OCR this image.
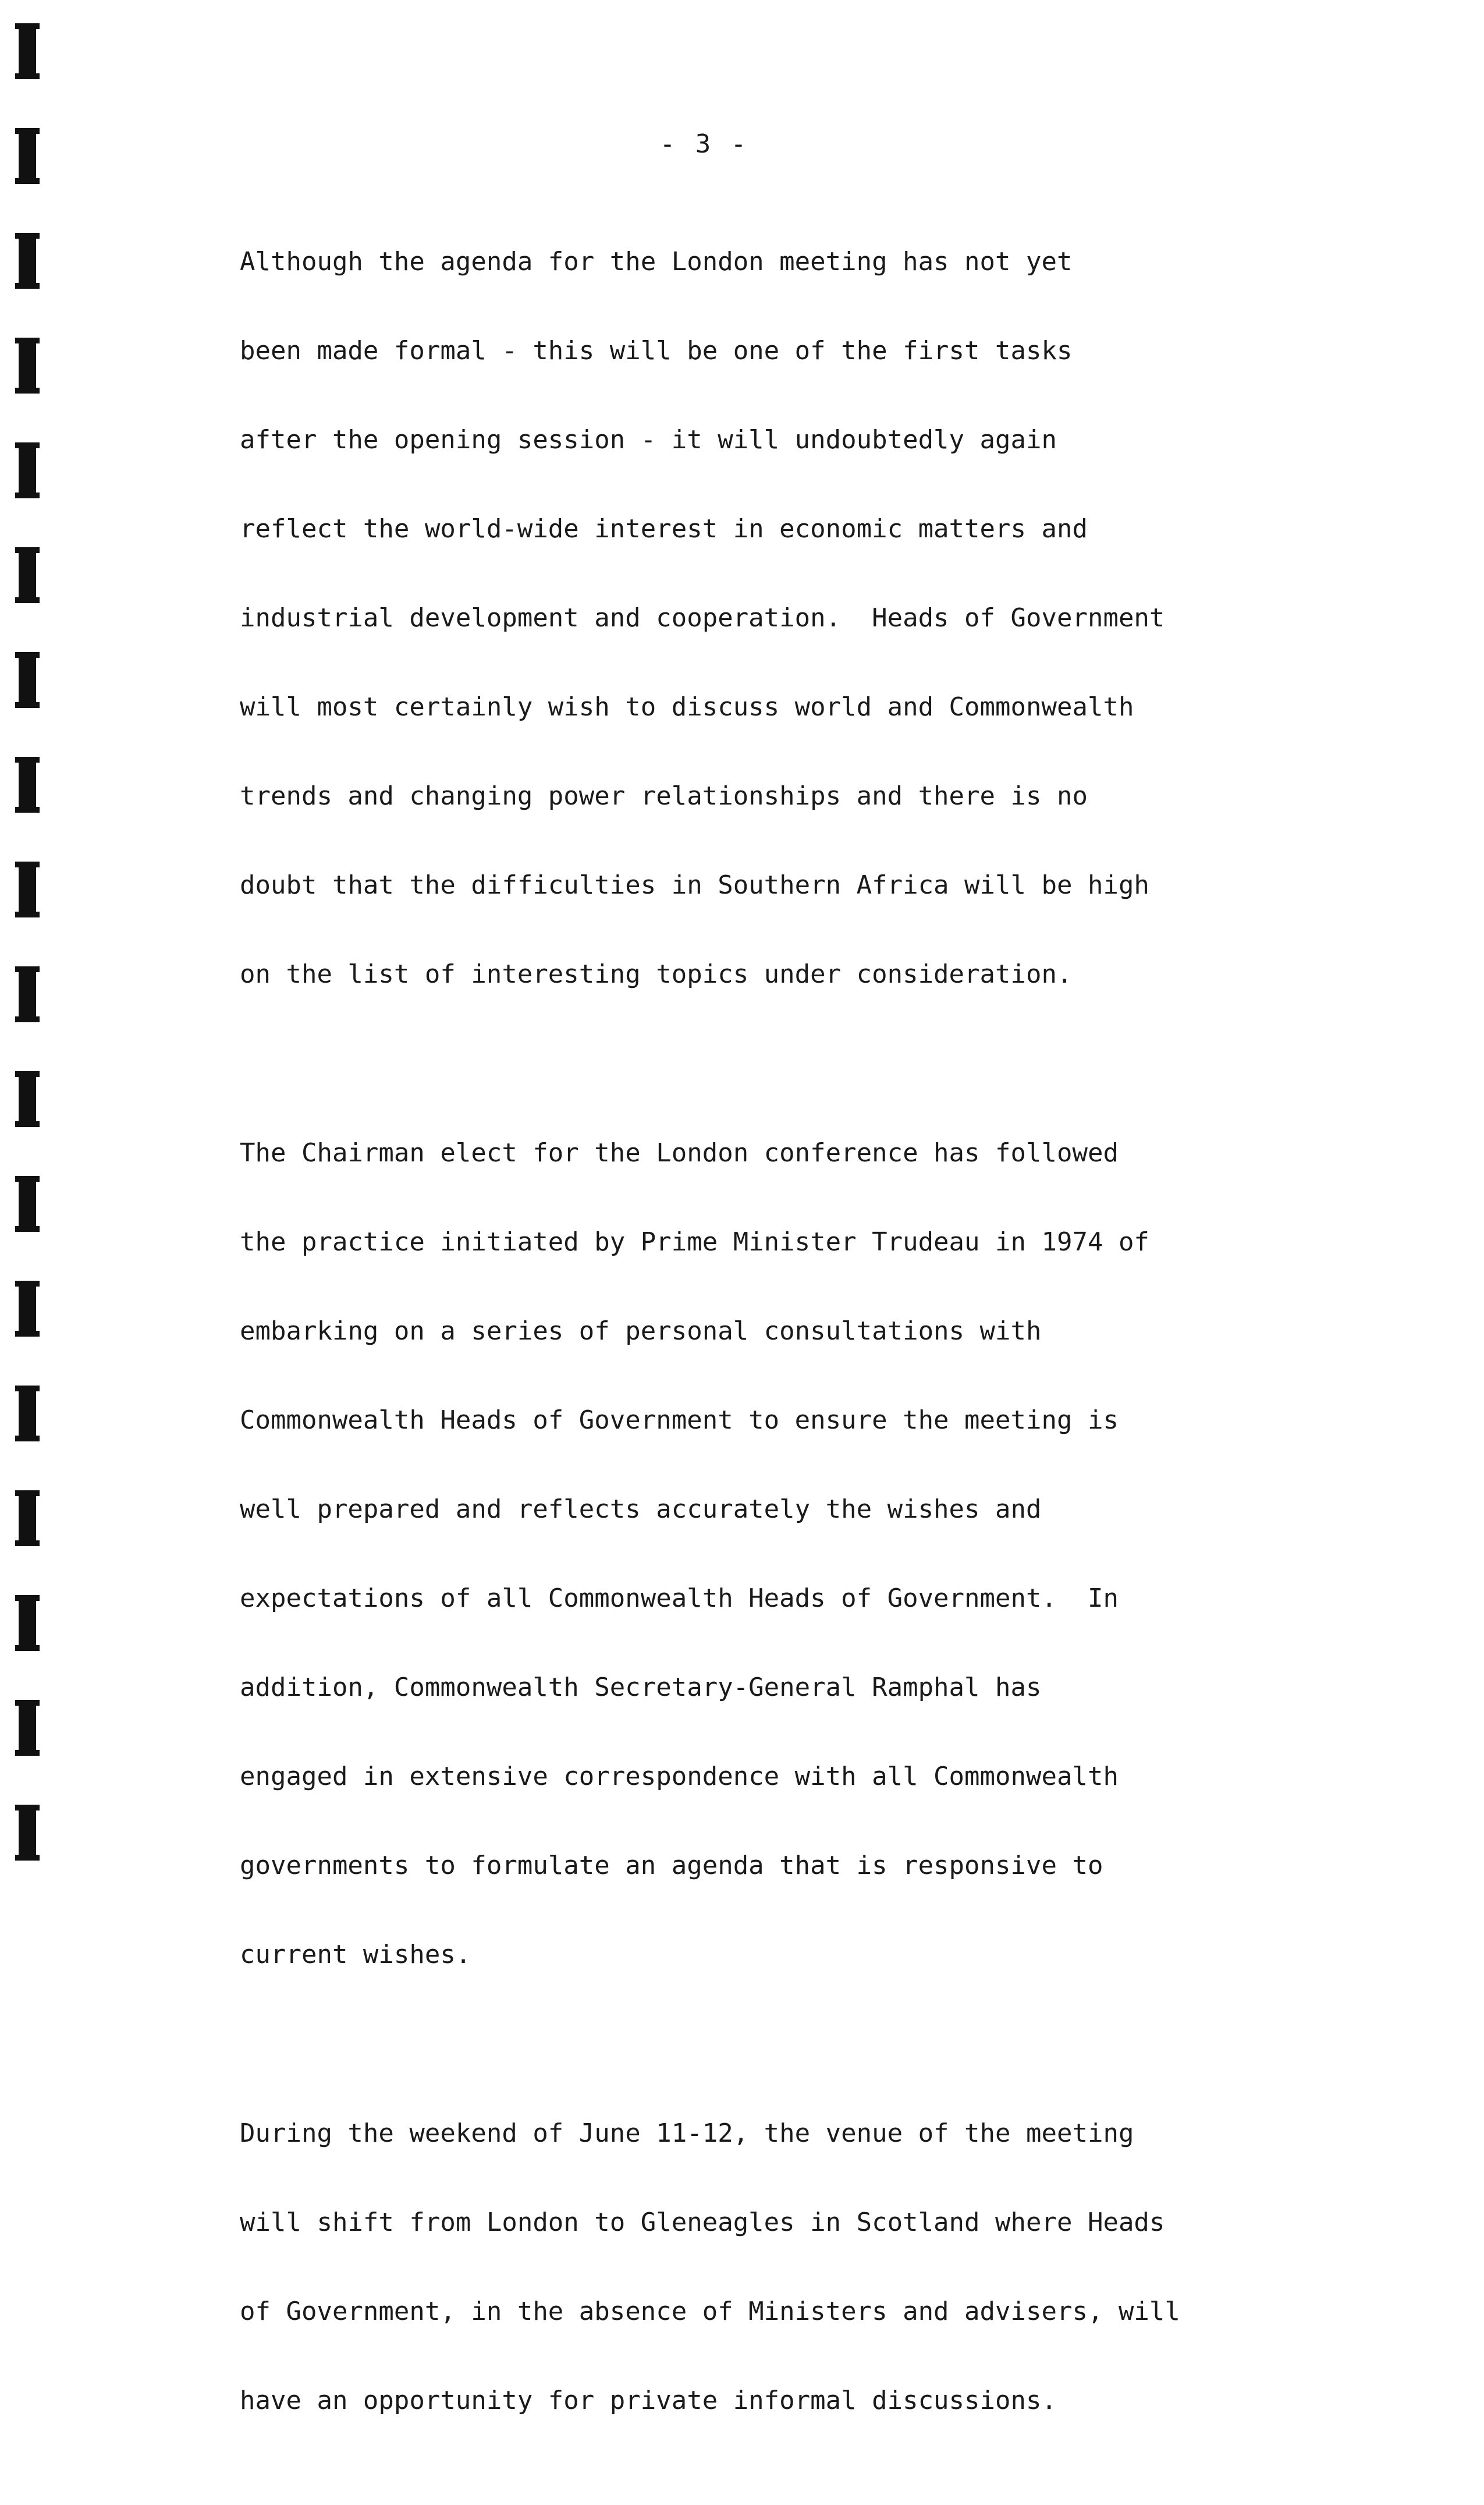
- 3 -

Although the agenda for the London meeting has not yet

been made formal - this will be one of the first tasks

after the opening session - it will undoubtedly again

reflect the world-wide interest in economic matters and

industrial development and cooperation.  Heads of Government

will most certainly wish to discuss world and Commonwealth

trends and changing power relationships and there is no

doubt that the difficulties in Southern Africa will be high

on the list of interesting topics under consideration.

The Chairman elect for the London conference has followed

the practice initiated by Prime Minister Trudeau in 1974 of

embarking on a series of personal consultations with

Commonwealth Heads of Government to ensure the meeting is

well prepared and reflects accurately the wishes and

expectations of all Commonwealth Heads of Government.  In

addition, Commonwealth Secretary-General Ramphal has

engaged in extensive correspondence with all Commonwealth

governments to formulate an agenda that is responsive to

current wishes.

During the weekend of June 11-12, the venue of the meeting

will shift from London to Gleneagles in Scotland where Heads

of Government, in the absence of Ministers and advisers, will

have an opportunity for private informal discussions.
